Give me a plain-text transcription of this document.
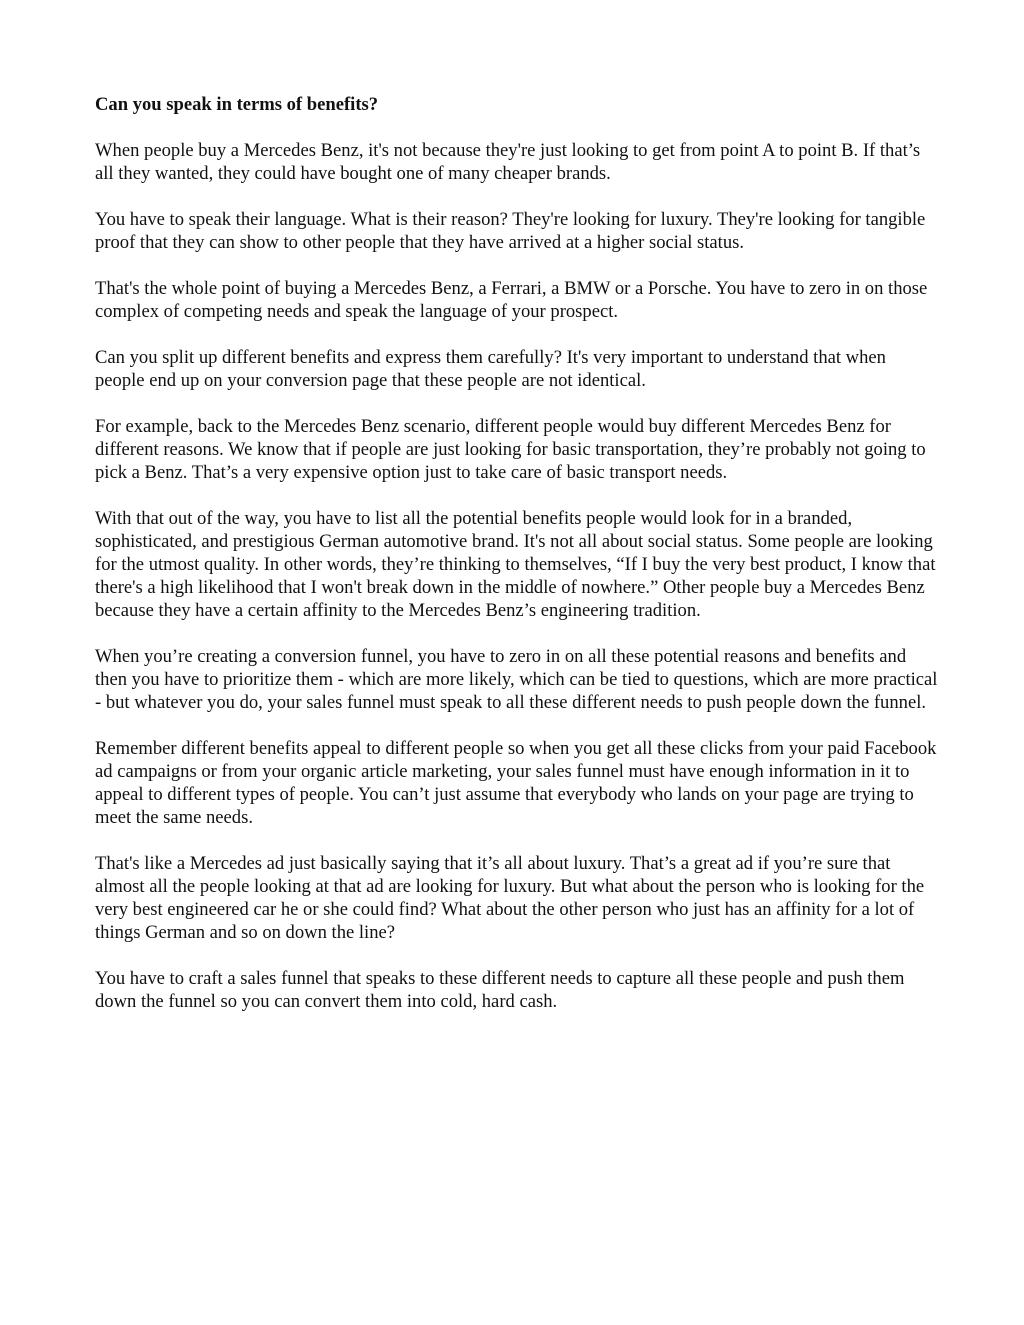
Can you speak in terms of benefits?

When people buy a Mercedes Benz, it's not because they're just looking to get from point A to point B. If that’s all they wanted, they could have bought one of many cheaper brands.

You have to speak their language. What is their reason? They're looking for luxury. They're looking for tangible proof that they can show to other people that they have arrived at a higher social status.

That's the whole point of buying a Mercedes Benz, a Ferrari, a BMW or a Porsche. You have to zero in on those complex of competing needs and speak the language of your prospect.

Can you split up different benefits and express them carefully? It's very important to understand that when people end up on your conversion page that these people are not identical.

For example, back to the Mercedes Benz scenario, different people would buy different Mercedes Benz for different reasons. We know that if people are just looking for basic transportation, they’re probably not going to pick a Benz. That’s a very expensive option just to take care of basic transport needs.

With that out of the way, you have to list all the potential benefits people would look for in a branded, sophisticated, and prestigious German automotive brand. It's not all about social status. Some people are looking for the utmost quality. In other words, they’re thinking to themselves, “If I buy the very best product, I know that there's a high likelihood that I won't break down in the middle of nowhere.” Other people buy a Mercedes Benz because they have a certain affinity to the Mercedes Benz’s engineering tradition.

When you’re creating a conversion funnel, you have to zero in on all these potential reasons and benefits and then you have to prioritize them - which are more likely, which can be tied to questions, which are more practical - but whatever you do, your sales funnel must speak to all these different needs to push people down the funnel.

Remember different benefits appeal to different people so when you get all these clicks from your paid Facebook ad campaigns or from your organic article marketing, your sales funnel must have enough information in it to appeal to different types of people. You can’t just assume that everybody who lands on your page are trying to meet the same needs.

That's like a Mercedes ad just basically saying that it’s all about luxury. That’s a great ad if you’re sure that almost all the people looking at that ad are looking for luxury. But what about the person who is looking for the very best engineered car he or she could find? What about the other person who just has an affinity for a lot of things German and so on down the line?

You have to craft a sales funnel that speaks to these different needs to capture all these people and push them down the funnel so you can convert them into cold, hard cash.
